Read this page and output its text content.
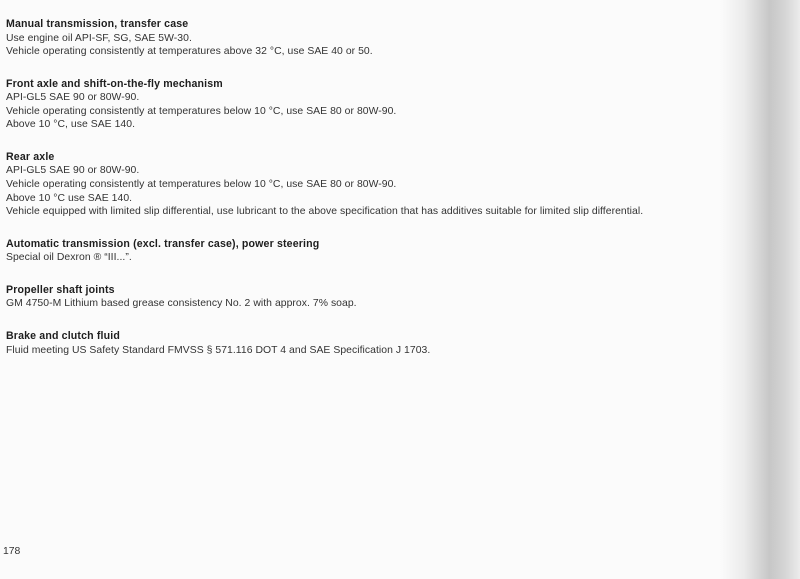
Manual transmission, transfer case
Use engine oil API-SF, SG, SAE 5W-30.
Vehicle operating consistently at temperatures above 32 °C, use SAE 40 or 50.
Front axle and shift-on-the-fly mechanism
API-GL5 SAE 90 or 80W-90.
Vehicle operating consistently at temperatures below 10 °C, use SAE 80 or 80W-90.
Above 10 °C, use SAE 140.
Rear axle
API-GL5 SAE 90 or 80W-90.
Vehicle operating consistently at temperatures below 10 °C, use SAE 80 or 80W-90.
Above 10 °C use SAE 140.
Vehicle equipped with limited slip differential, use lubricant to the above specification that has additives suitable for limited slip differential.
Automatic transmission (excl. transfer case), power steering
Special oil Dexron ® “III...”.
Propeller shaft joints
GM 4750-M Lithium based grease consistency No. 2 with approx. 7% soap.
Brake and clutch fluid
Fluid meeting US Safety Standard FMVSS § 571.116 DOT 4 and SAE Specification J 1703.
178
